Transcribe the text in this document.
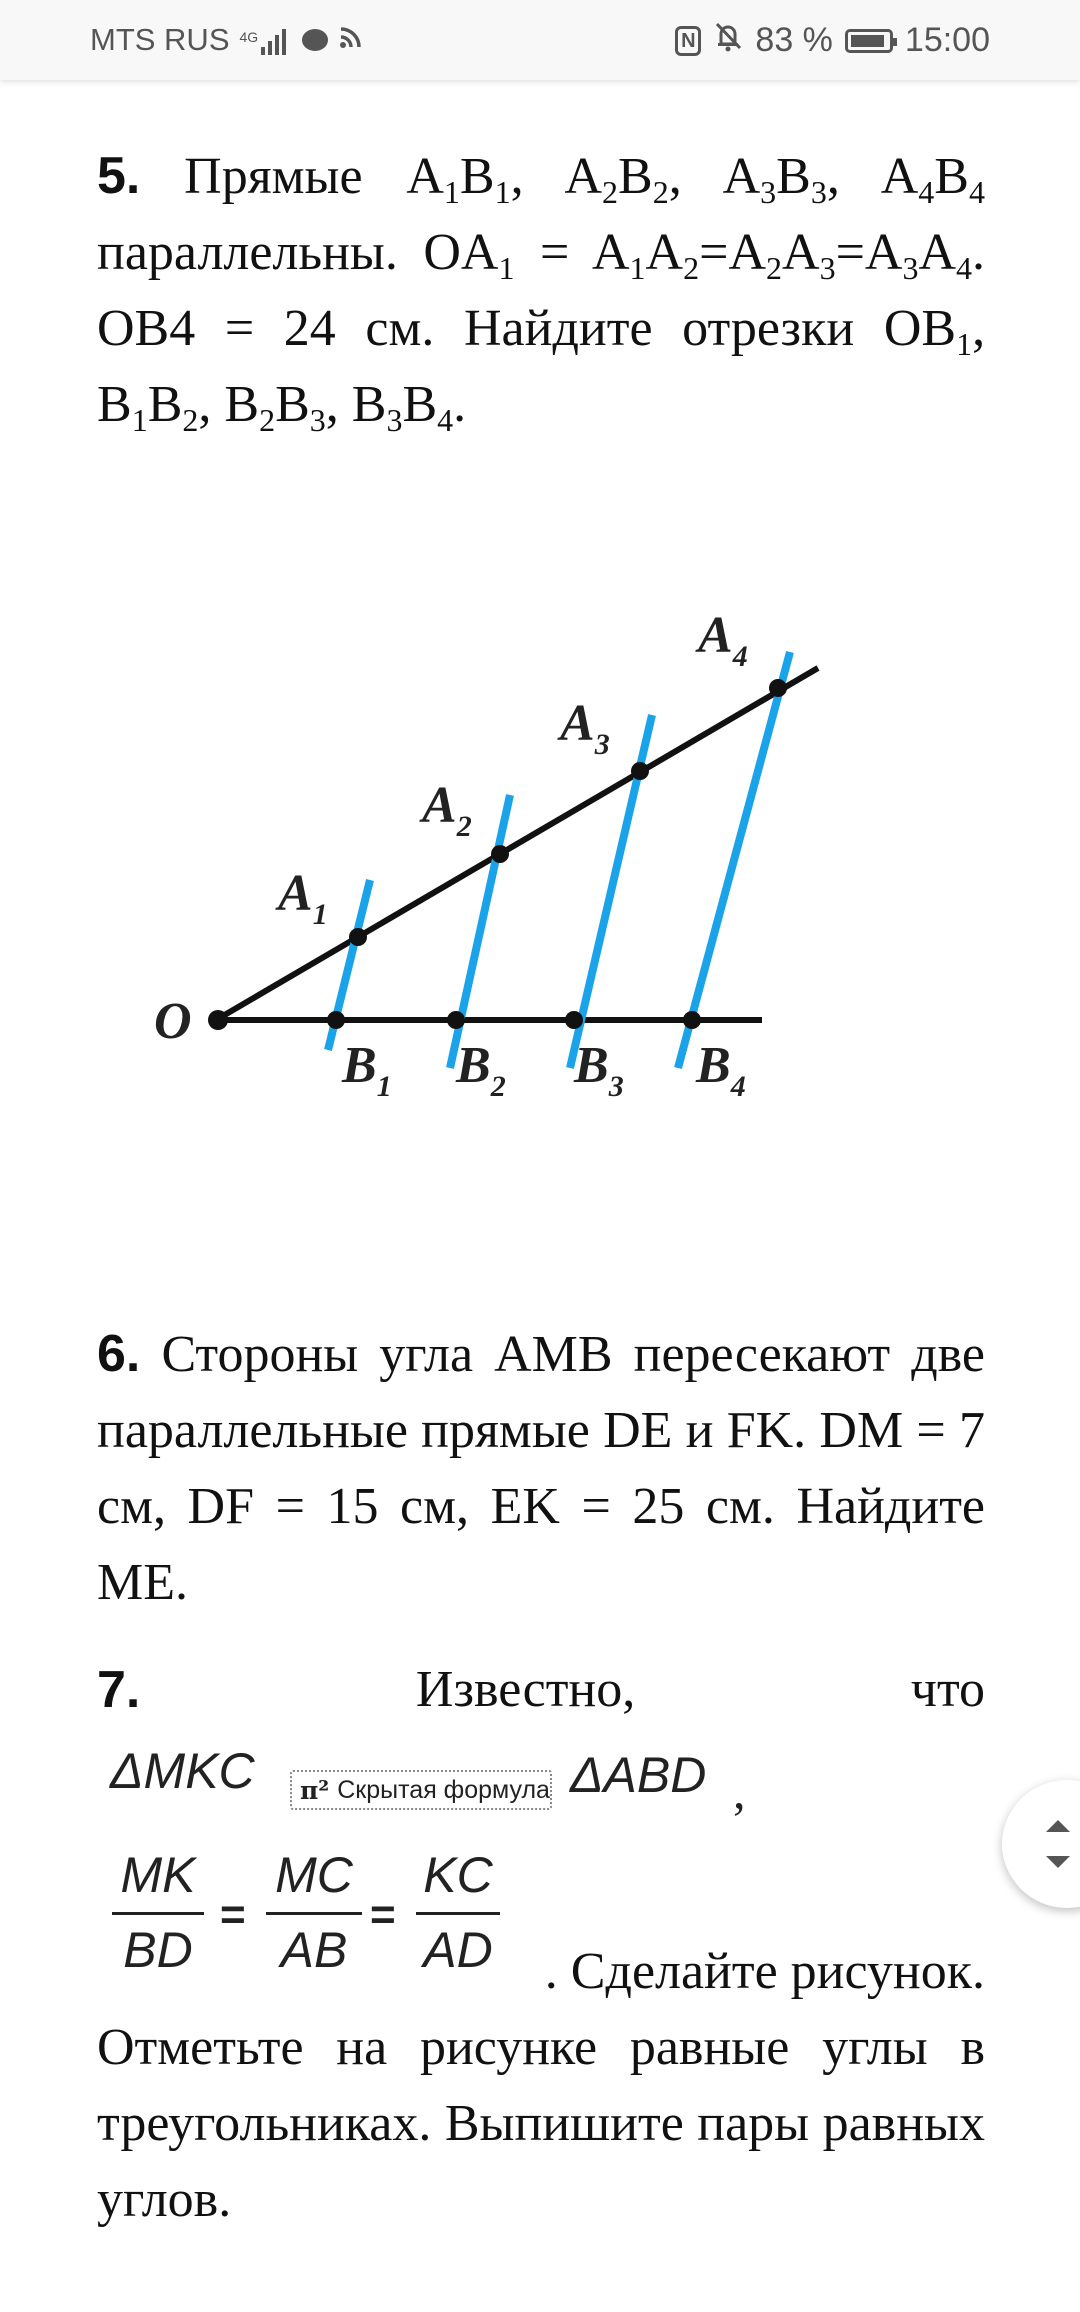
MTS RUS 4G	N 83 % 15:00

5. Прямые $A_1B_1$, $A_2B_2$, $A_3B_3$, $A_4B_4$ параллельны. $OA_1 = A_1A_2=A_2A_3=A_3A_4$. OB4 = 24 см. Найдите отрезки $OB_1$, $B_1B_2$, $B_2B_3$, $B_3B_4$.

O
$A_1$
$A_2$
$A_3$
$A_4$
$B_1$ $B_2$ $B_3$ $B_4$

6. Стороны угла AMB пересекают две параллельные прямые DE и FK. DM = 7 см, DF = 15 см, EK = 25 см. Найдите ME.

7.	Известно,	что

ΔMKC π² Скрытая формула ΔABD ,
MK
BD
=
MC
AB
=
KC
AD	. Сделайте рисунок.

Отметьте на рисунке равные углы в треугольниках. Выпишите пары равных углов.
